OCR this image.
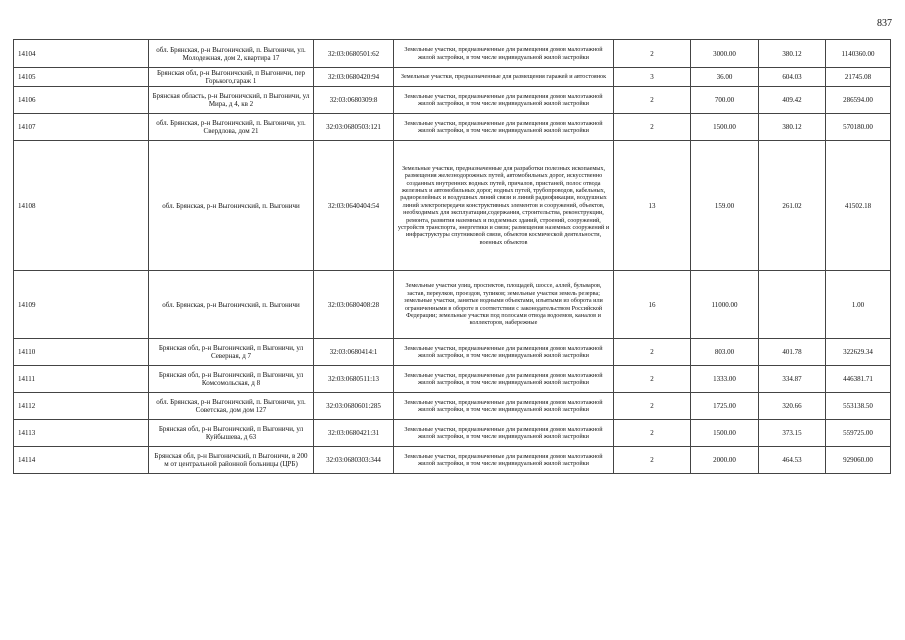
837
14104	обл. Брянская, р-н Выгоничский, п. Выгоничи, ул. Молодежная, дом 2, квартира 17	32:03:0680501:62	Земельные участки, предназначенные для размещения домов малоэтажной жилой застройки, в том числе индивидуальной жилой застройки	2	3000.00	380.12	1140360.00
14105	Брянская обл, р-н Выгоничский, п Выгоничи, пер Горького,гараж 1	32:03:0680420:94	Земельные участки, предназначенные для размещения гаражей и автостоянок	3	36.00	604.03	21745.08
14106	Брянская область, р-н Выгоничский, п Выгоничи, ул Мира, д 4, кв 2	32:03:0680309:8	Земельные участки, предназначенные для размещения домов малоэтажной жилой застройки, в том числе индивидуальной жилой застройки	2	700.00	409.42	286594.00
14107	обл. Брянская, р-н Выгоничский, п. Выгоничи, ул. Свердлова, дом 21	32:03:0680503:121	Земельные участки, предназначенные для размещения домов малоэтажной жилой застройки, в том числе индивидуальной жилой застройки	2	1500.00	380.12	570180.00
14108	обл. Брянская, р-н Выгоничский, п. Выгоничи	32:03:0640404:54	Земельные участки, предназначенные для разработки полезных ископаемых, размещения железнодорожных путей, автомобильных дорог, искусственно созданных внутренних водных путей, причалов, пристаней, полос отвода железных и автомобильных дорог, водных путей, трубопроводов, кабельных, радиорелейных и воздушных линий связи и линий радиофикации, воздушных линий электропередачи конструктивных элементов и сооружений, объектов, необходимых для эксплуатации,содержания, строительства, реконструкции, ремонта, развития наземных и подземных зданий, строений, сооружений, устройств транспорта, энергетики и связи; размещения наземных сооружений и инфраструктуры спутниковой связи, объектов космической деятельности, военных объектов	13	159.00	261.02	41502.18
14109	обл. Брянская, р-н Выгоничский, п. Выгоничи	32:03:0680408:28	Земельные участки улиц, проспектов, площадей, шоссе, аллей, бульваров, застав, переулков, проездов, тупиков; земельные участки земель резерва; земельные участки, занятые водными объектами, изъятыми из оборота или ограниченными в обороте в соответствии с законодательством Российской Федерации; земельные участки под полосами отвода водоемов, каналов и коллекторов, набережные	16	11000.00		1.00
14110	Брянская обл, р-н Выгоничский, п Выгоничи, ул Северная, д 7	32:03:0680414:1	Земельные участки, предназначенные для размещения домов малоэтажной жилой застройки, в том числе индивидуальной жилой застройки	2	803.00	401.78	322629.34
14111	Брянская обл, р-н Выгоничский, п Выгоничи, ул Комсомольская, д 8	32:03:0680511:13	Земельные участки, предназначенные для размещения домов малоэтажной жилой застройки, в том числе индивидуальной жилой застройки	2	1333.00	334.87	446381.71
14112	обл. Брянская, р-н Выгоничский, п. Выгоничи, ул. Советская, дом дом 127	32:03:0680601:285	Земельные участки, предназначенные для размещения домов малоэтажной жилой застройки, в том числе индивидуальной жилой застройки	2	1725.00	320.66	553138.50
14113	Брянская обл, р-н Выгоничский, п Выгоничи, ул Куйбышева, д 63	32:03:0680421:31	Земельные участки, предназначенные для размещения домов малоэтажной жилой застройки, в том числе индивидуальной жилой застройки	2	1500.00	373.15	559725.00
14114	Брянская обл, р-н Выгоничский, п Выгоничи, в 200 м от центральной районной больницы (ЦРБ)	32:03:0680303:344	Земельные участки, предназначенные для размещения домов малоэтажной жилой застройки, в том числе индивидуальной жилой застройки	2	2000.00	464.53	929060.00
